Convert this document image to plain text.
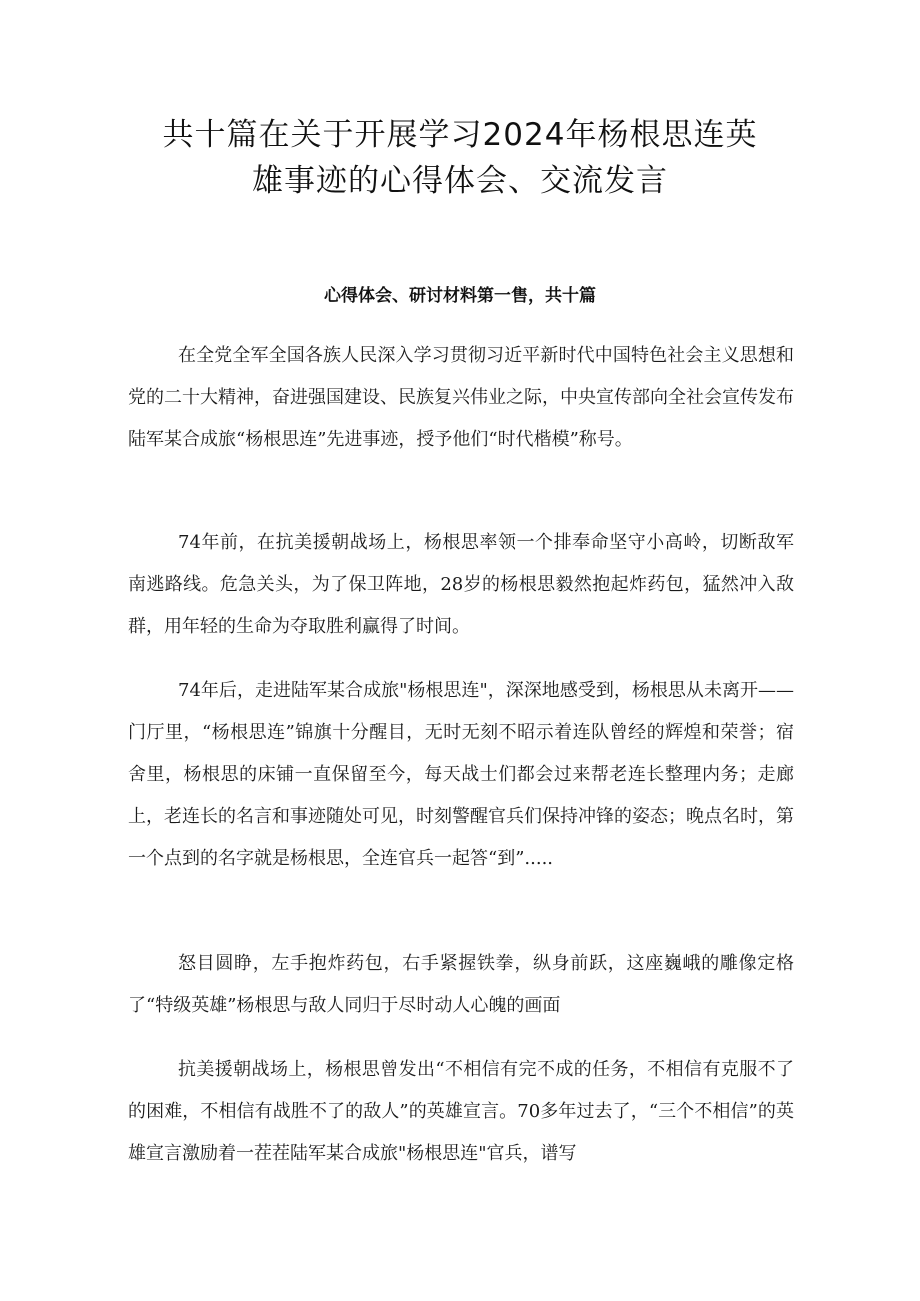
共十篇在关于开展学习2024年杨根思连英
雄事迹的心得体会、交流发言

心得体会、研讨材料第一售，共十篇

在全党全军全国各族人民深入学习贯彻习近平新时代中国特色社会主义思想和党的二十大精神，奋进强国建设、民族复兴伟业之际，中央宣传部向全社会宣传发布陆军某合成旅“杨根思连”先进事迹，授予他们“时代楷模”称号。

74年前，在抗美援朝战场上，杨根思率领一个排奉命坚守小高岭，切断敌军南逃路线。危急关头，为了保卫阵地，28岁的杨根思毅然抱起炸药包，猛然冲入敌群，用年轻的生命为夺取胜利赢得了时间。

74年后，走进陆军某合成旅"杨根思连"，深深地感受到，杨根思从未离开——门厅里，“杨根思连”锦旗十分醒目，无时无刻不昭示着连队曾经的辉煌和荣誉；宿舍里，杨根思的床铺一直保留至今，每天战士们都会过来帮老连长整理内务；走廊上，老连长的名言和事迹随处可见，时刻警醒官兵们保持冲锋的姿态；晚点名时，第一个点到的名字就是杨根思，全连官兵一起答“到”.....

怒目圆睁，左手抱炸药包，右手紧握铁拳，纵身前跃，这座巍峨的雕像定格了“特级英雄”杨根思与敌人同归于尽时动人心魄的画面

抗美援朝战场上，杨根思曾发出“不相信有完不成的任务，不相信有克服不了的困难，不相信有战胜不了的敌人”的英雄宣言。70多年过去了，“三个不相信”的英雄宣言激励着一茬茬陆军某合成旅"杨根思连"官兵，谱写
